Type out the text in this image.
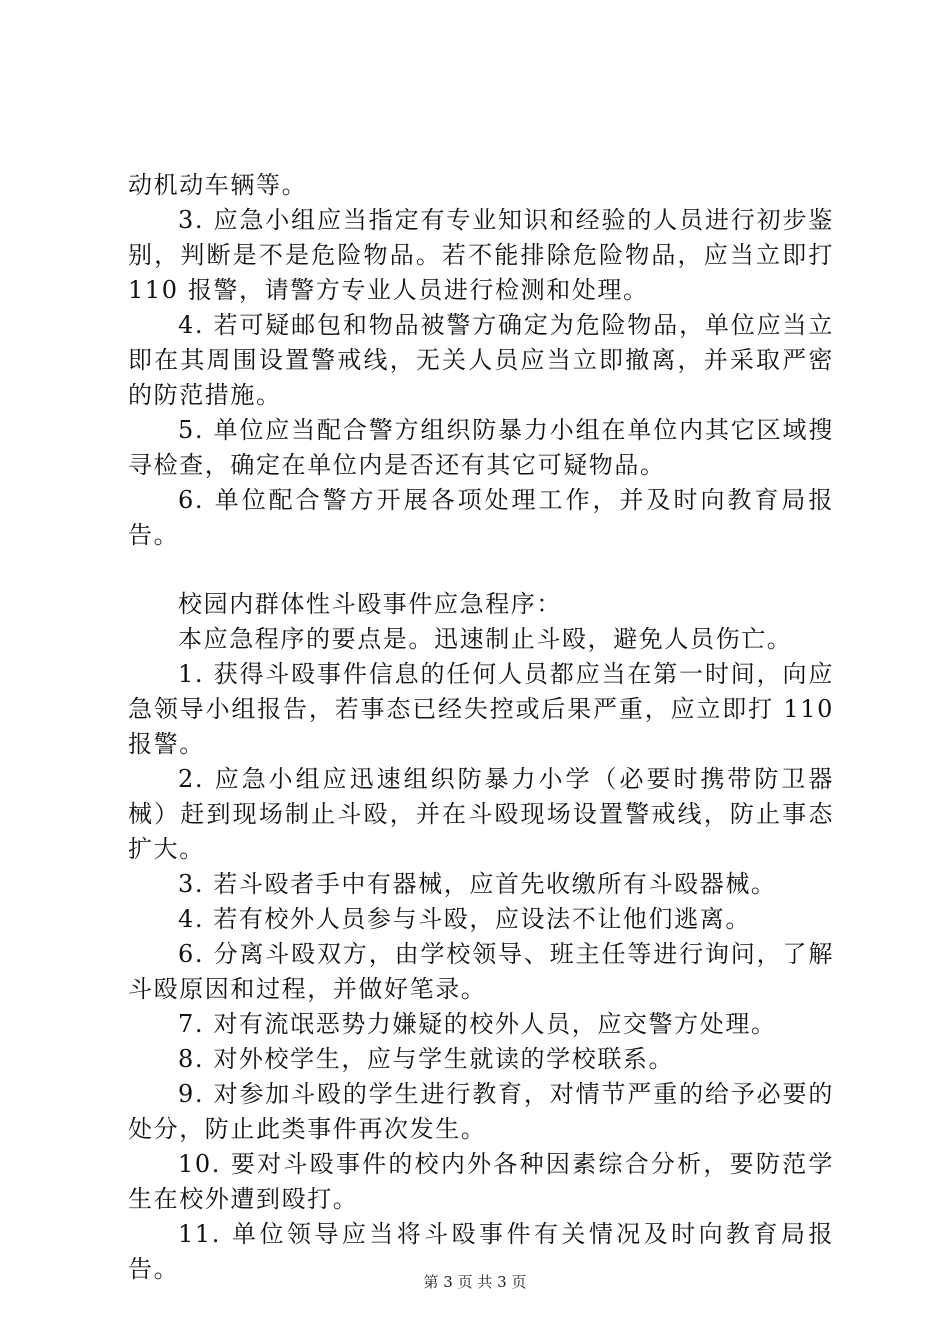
动机动车辆等。

3. 应急小组应当指定有专业知识和经验的人员进行初步鉴别，判断是不是危险物品。若不能排除危险物品，应当立即打 110 报警，请警方专业人员进行检测和处理。

4. 若可疑邮包和物品被警方确定为危险物品，单位应当立即在其周围设置警戒线，无关人员应当立即撤离，并采取严密的防范措施。

5. 单位应当配合警方组织防暴力小组在单位内其它区域搜寻检查，确定在单位内是否还有其它可疑物品。

6. 单位配合警方开展各项处理工作，并及时向教育局报告。

校园内群体性斗殴事件应急程序：

本应急程序的要点是。迅速制止斗殴，避免人员伤亡。

1. 获得斗殴事件信息的任何人员都应当在第一时间，向应急领导小组报告，若事态已经失控或后果严重，应立即打 110 报警。

2. 应急小组应迅速组织防暴力小学（必要时携带防卫器械）赶到现场制止斗殴，并在斗殴现场设置警戒线，防止事态扩大。

3. 若斗殴者手中有器械，应首先收缴所有斗殴器械。

4. 若有校外人员参与斗殴，应设法不让他们逃离。

6. 分离斗殴双方，由学校领导、班主任等进行询问，了解斗殴原因和过程，并做好笔录。

7. 对有流氓恶势力嫌疑的校外人员，应交警方处理。

8. 对外校学生，应与学生就读的学校联系。

9. 对参加斗殴的学生进行教育，对情节严重的给予必要的处分，防止此类事件再次发生。

10. 要对斗殴事件的校内外各种因素综合分析，要防范学生在校外遭到殴打。

11. 单位领导应当将斗殴事件有关情况及时向教育局报告。	第 3 页 共 3 页
